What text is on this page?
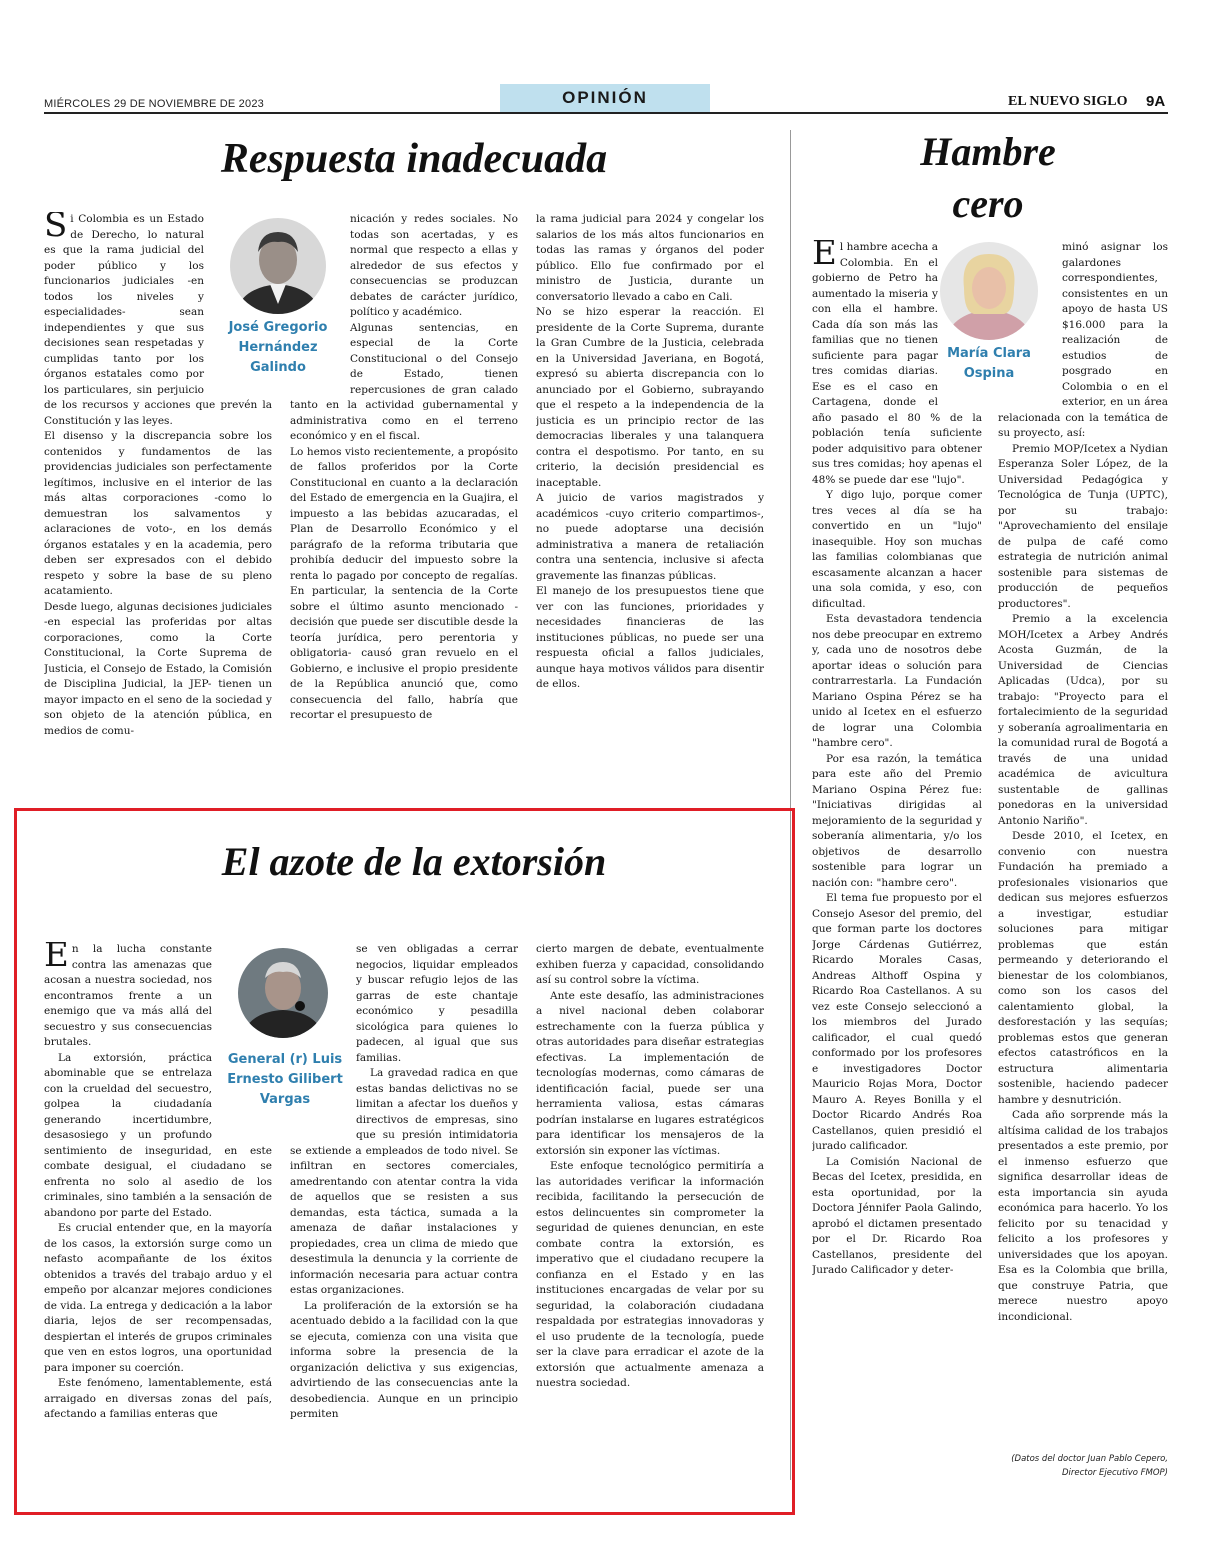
MIÉRCOLES 29 DE NOVIEMBRE DE 2023	OPINIÓN	EL NUEVO SIGLO 9A
Respuesta inadecuada
José Gregorio Hernández Galindo
S i Colombia es un Estado de Derecho, lo natural es que la rama judicial del poder público y los funcionarios judiciales -en todos los niveles y especialidades- sean independientes y que sus decisiones sean respetadas y cumplidas tanto por los órganos estatales como por los particulares, sin perjuicio de los recursos y acciones que prevén la Constitución y las leyes.

El disenso y la discrepancia sobre los contenidos y fundamentos de las providencias judiciales son perfectamente legítimos, inclusive en el interior de las más altas corporaciones -como lo demuestran los salvamentos y aclaraciones de voto-, en los demás órganos estatales y en la academia, pero deben ser expresados con el debido respeto y sobre la base de su pleno acatamiento.

Desde luego, algunas decisiones judiciales -en especial las proferidas por altas corporaciones, como la Corte Constitucional, la Corte Suprema de Justicia, el Consejo de Estado, la Comisión de Disciplina Judicial, la JEP- tienen un mayor impacto en el seno de la sociedad y son objeto de la atención pública, en medios de comu-

nicación y redes sociales. No todas son acertadas, y es normal que respecto a ellas y alrededor de sus efectos y consecuencias se produzcan debates de carácter jurídico, político y académico.

Algunas sentencias, en especial de la Corte Constitucional o del Consejo de Estado, tienen repercusiones de gran calado tanto en la actividad gubernamental y administrativa como en el terreno económico y en el fiscal.

Lo hemos visto recientemente, a propósito de fallos proferidos por la Corte Constitucional en cuanto a la declaración del Estado de emergencia en la Guajira, el impuesto a las bebidas azucaradas, el Plan de Desarrollo Económico y el parágrafo de la reforma tributaria que prohibía deducir del impuesto sobre la renta lo pagado por concepto de regalías. En particular, la sentencia de la Corte sobre el último asunto mencionado -decisión que puede ser discutible desde la teoría jurídica, pero perentoria y obligatoria- causó gran revuelo en el Gobierno, e inclusive el propio presidente de la República anunció que, como consecuencia del fallo, habría que recortar el presupuesto de

la rama judicial para 2024 y congelar los salarios de los más altos funcionarios en todas las ramas y órganos del poder público. Ello fue confirmado por el ministro de Justicia, durante un conversatorio llevado a cabo en Cali.

No se hizo esperar la reacción. El presidente de la Corte Suprema, durante la Gran Cumbre de la Justicia, celebrada en la Universidad Javeriana, en Bogotá, expresó su abierta discrepancia con lo anunciado por el Gobierno, subrayando que el respeto a la independencia de la justicia es un principio rector de las democracias liberales y una talanquera contra el despotismo. Por tanto, en su criterio, la decisión presidencial es inaceptable.

A juicio de varios magistrados y académicos -cuyo criterio compartimos-, no puede adoptarse una decisión administrativa a manera de retaliación contra una sentencia, inclusive si afecta gravemente las finanzas públicas.

El manejo de los presupuestos tiene que ver con las funciones, prioridades y necesidades financieras de las instituciones públicas, no puede ser una respuesta oficial a fallos judiciales, aunque haya motivos válidos para disentir de ellos.

El azote de la extorsión
General (r) Luis Ernesto Gilibert Vargas
E n la lucha constante contra las amenazas que acosan a nuestra sociedad, nos encontramos frente a un enemigo que va más allá del secuestro y sus consecuencias brutales.

La extorsión, práctica abominable que se entrelaza con la crueldad del secuestro, golpea la ciudadanía generando incertidumbre, desasosiego y un profundo sentimiento de inseguridad, en este combate desigual, el ciudadano se enfrenta no solo al asedio de los criminales, sino también a la sensación de abandono por parte del Estado.

Es crucial entender que, en la mayoría de los casos, la extorsión surge como un nefasto acompañante de los éxitos obtenidos a través del trabajo arduo y el empeño por alcanzar mejores condiciones de vida. La entrega y dedicación a la labor diaria, lejos de ser recompensadas, despiertan el interés de grupos criminales que ven en estos logros, una oportunidad para imponer su coerción.

Este fenómeno, lamentablemente, está arraigado en diversas zonas del país, afectando a familias enteras que

se ven obligadas a cerrar negocios, liquidar empleados y buscar refugio lejos de las garras de este chantaje económico y pesadilla sicológica para quienes lo padecen, al igual que sus familias.

La gravedad radica en que estas bandas delictivas no se limitan a afectar los dueños y directivos de empresas, sino que su presión intimidatoria se extiende a empleados de todo nivel. Se infiltran en sectores comerciales, amedrentando con atentar contra la vida de aquellos que se resisten a sus demandas, esta táctica, sumada a la amenaza de dañar instalaciones y propiedades, crea un clima de miedo que desestimula la denuncia y la corriente de información necesaria para actuar contra estas organizaciones.

La proliferación de la extorsión se ha acentuado debido a la facilidad con la que se ejecuta, comienza con una visita que informa sobre la presencia de la organización delictiva y sus exigencias, advirtiendo de las consecuencias ante la desobediencia. Aunque en un principio permiten

cierto margen de debate, eventualmente exhiben fuerza y capacidad, consolidando así su control sobre la víctima.

Ante este desafío, las administraciones a nivel nacional deben colaborar estrechamente con la fuerza pública y otras autoridades para diseñar estrategias efectivas. La implementación de tecnologías modernas, como cámaras de identificación facial, puede ser una herramienta valiosa, estas cámaras podrían instalarse en lugares estratégicos para identificar los mensajeros de la extorsión sin exponer las víctimas.

Este enfoque tecnológico permitiría a las autoridades verificar la información recibida, facilitando la persecución de estos delincuentes sin comprometer la seguridad de quienes denuncian, en este combate contra la extorsión, es imperativo que el ciudadano recupere la confianza en el Estado y en las instituciones encargadas de velar por su seguridad, la colaboración ciudadana respaldada por estrategias innovadoras y el uso prudente de la tecnología, puede ser la clave para erradicar el azote de la extorsión que actualmente amenaza a nuestra sociedad.

Hambre
cero
María Clara Ospina
E l hambre acecha a Colombia. En el gobierno de Petro ha aumentado la miseria y con ella el hambre. Cada día son más las familias que no tienen suficiente para pagar tres comidas diarias. Ese es el caso en Cartagena, donde el año pasado el 80 % de la población tenía suficiente poder adquisitivo para obtener sus tres comidas; hoy apenas el 48% se puede dar ese "lujo".

Y digo lujo, porque comer tres veces al día se ha convertido en un "lujo" inasequible. Hoy son muchas las familias colombianas que escasamente alcanzan a hacer una sola comida, y eso, con dificultad.

Esta devastadora tendencia nos debe preocupar en extremo y, cada uno de nosotros debe aportar ideas o solución para contrarrestarla. La Fundación Mariano Ospina Pérez se ha unido al Icetex en el esfuerzo de lograr una Colombia "hambre cero".

Por esa razón, la temática para este año del Premio Mariano Ospina Pérez fue: "Iniciativas dirigidas al mejoramiento de la seguridad y soberanía alimentaria, y/o los objetivos de desarrollo sostenible para lograr un nación con: "hambre cero".

El tema fue propuesto por el Consejo Asesor del premio, del que forman parte los doctores Jorge Cárdenas Gutiérrez, Ricardo Morales Casas, Andreas Althoff Ospina y Ricardo Roa Castellanos. A su vez este Consejo seleccionó a los miembros del Jurado calificador, el cual quedó conformado por los profesores e investigadores Doctor Mauricio Rojas Mora, Doctor Mauro A. Reyes Bonilla y el Doctor Ricardo Andrés Roa Castellanos, quien presidió el jurado calificador.

La Comisión Nacional de Becas del Icetex, presidida, en esta oportunidad, por la Doctora Jénnifer Paola Galindo, aprobó el dictamen presentado por el Dr. Ricardo Roa Castellanos, presidente del Jurado Calificador y deter-

minó asignar los galardones correspondientes, consistentes en un apoyo de hasta US $16.000 para la realización de estudios de posgrado en Colombia o en el exterior, en un área relacionada con la temática de su proyecto, así:

Premio MOP/Icetex a Nydian Esperanza Soler López, de la Universidad Pedagógica y Tecnológica de Tunja (UPTC), por su trabajo: "Aprovechamiento del ensilaje de pulpa de café como estrategia de nutrición animal sostenible para sistemas de producción de pequeños productores".

Premio a la excelencia MOH/Icetex a Arbey Andrés Acosta Guzmán, de la Universidad de Ciencias Aplicadas (Udca), por su trabajo: "Proyecto para el fortalecimiento de la seguridad y soberanía agroalimentaria en la comunidad rural de Bogotá a través de una unidad académica de avicultura sustentable de gallinas ponedoras en la universidad Antonio Nariño".

Desde 2010, el Icetex, en convenio con nuestra Fundación ha premiado a profesionales visionarios que dedican sus mejores esfuerzos a investigar, estudiar soluciones para mitigar problemas que están permeando y deteriorando el bienestar de los colombianos, como son los casos del calentamiento global, la desforestación y las sequías; problemas estos que generan efectos catastróficos en la estructura alimentaria sostenible, haciendo padecer hambre y desnutrición.

Cada año sorprende más la altísima calidad de los trabajos presentados a este premio, por el inmenso esfuerzo que significa desarrollar ideas de esta importancia sin ayuda económica para hacerlo. Yo los felicito por su tenacidad y felicito a los profesores y universidades que los apoyan. Esa es la Colombia que brilla, que construye Patria, que merece nuestro apoyo incondicional.

(Datos del doctor Juan Pablo Cepero, Director Ejecutivo FMOP)
